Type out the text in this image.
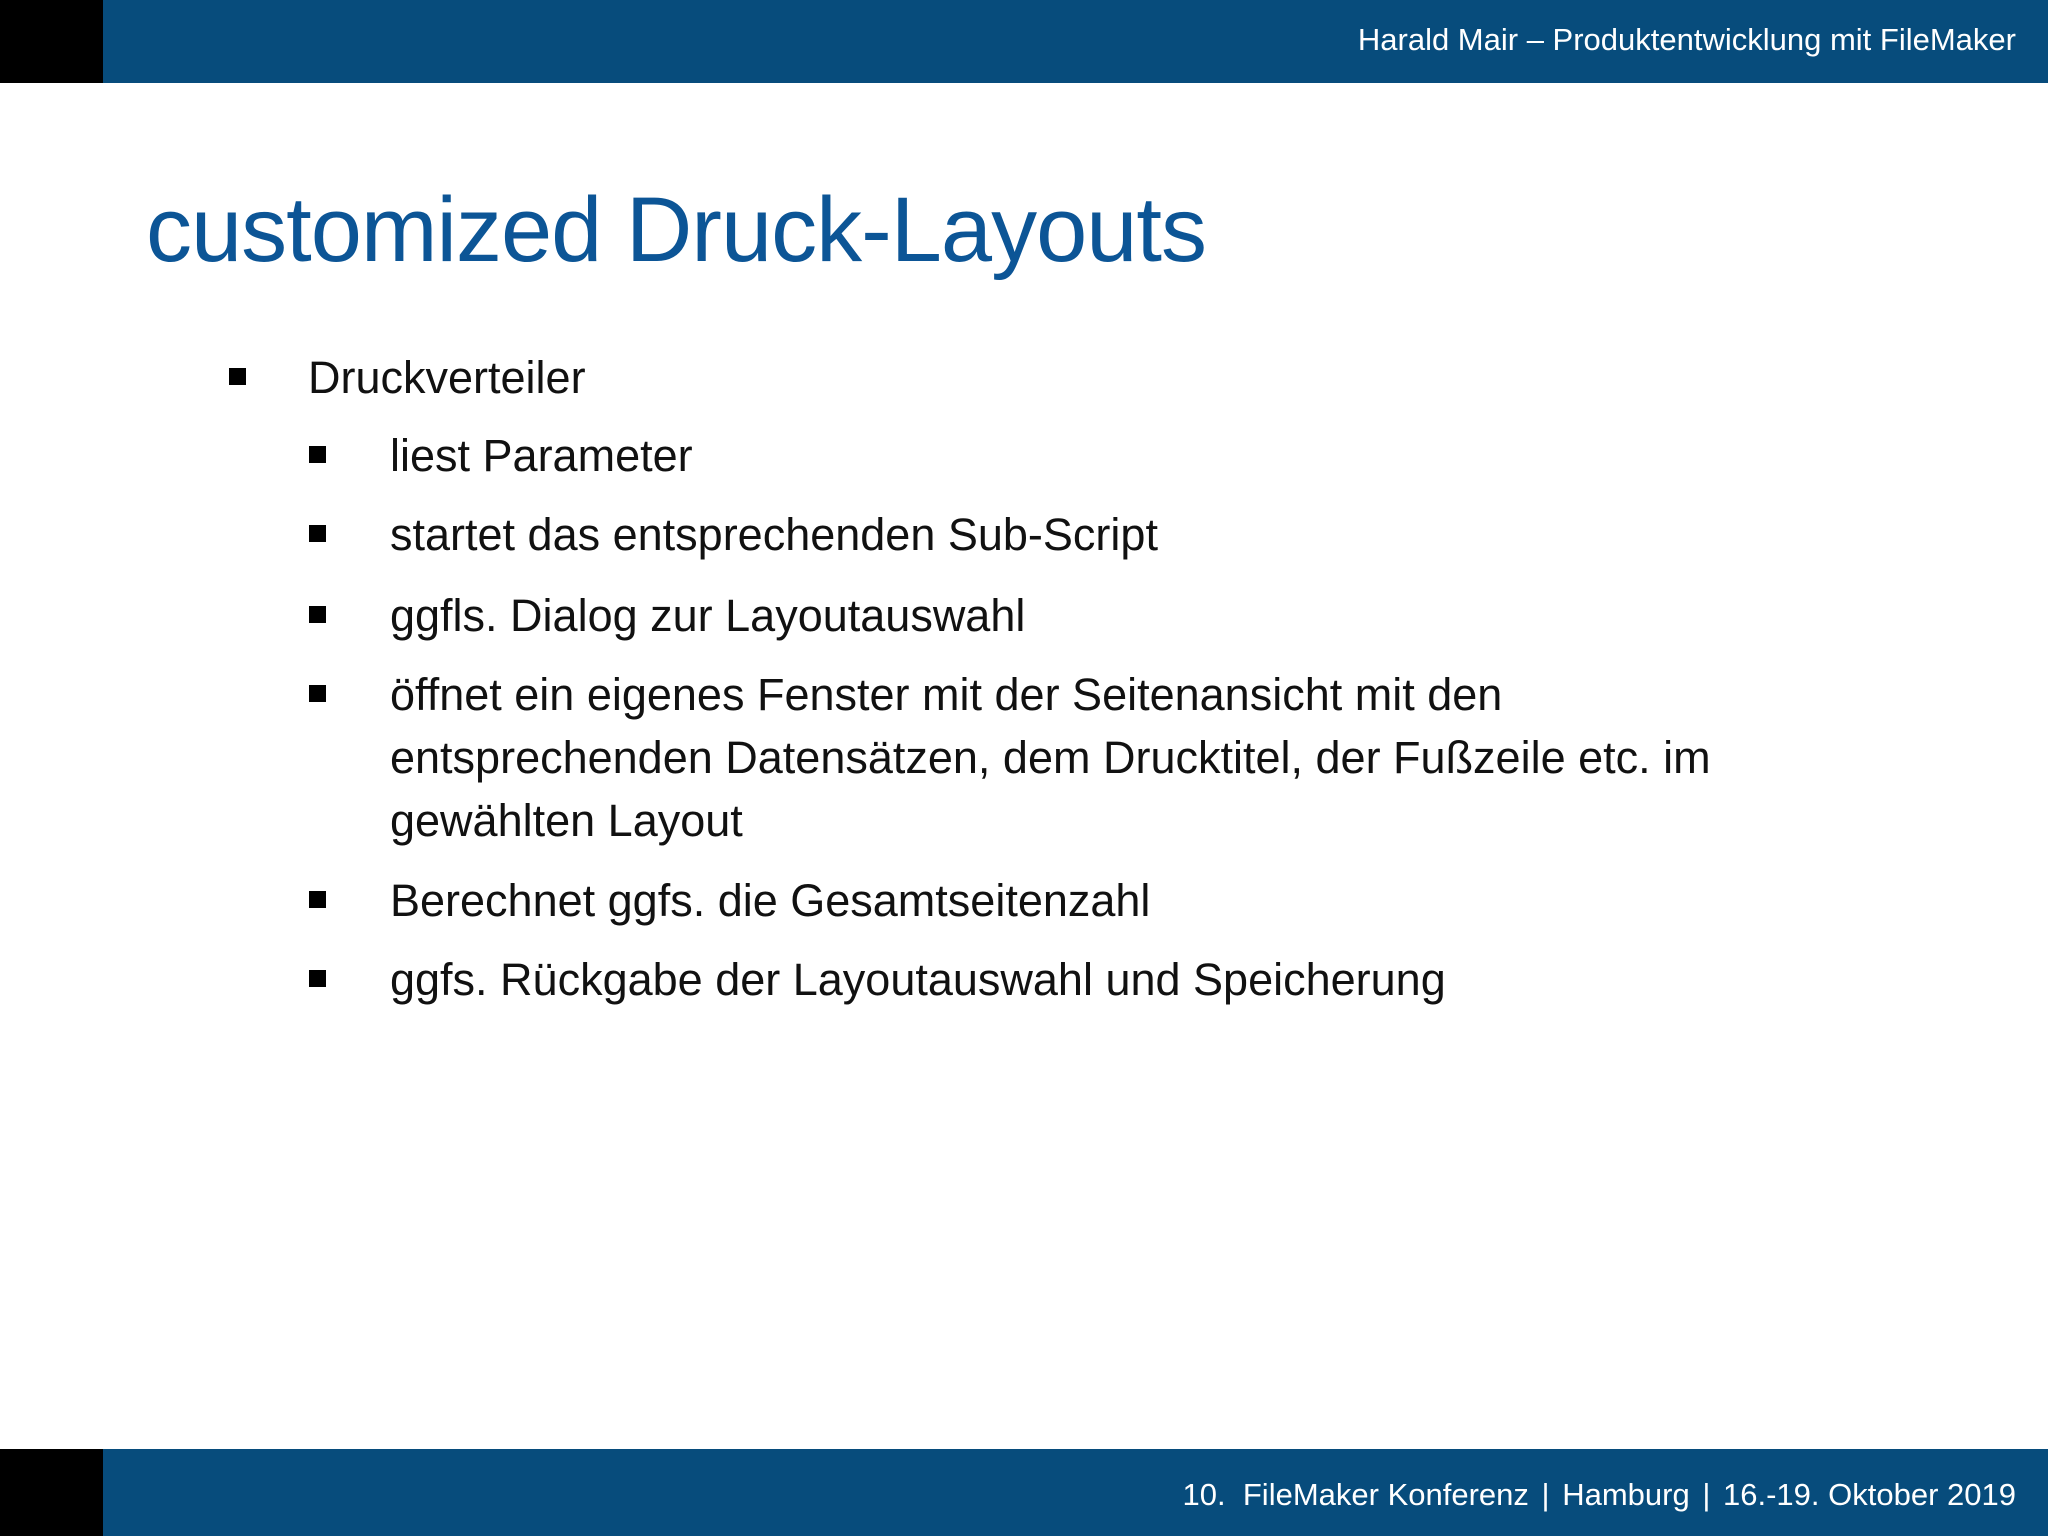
Harald Mair – Produktentwicklung mit FileMaker
customized Druck-Layouts
Druckverteiler
liest Parameter
startet das entsprechenden Sub-Script
ggfls. Dialog zur Layoutauswahl
öffnet ein eigenes Fenster mit der Seitenansicht mit den entsprechenden Datensätzen, dem Drucktitel, der Fußzeile etc. im gewählten Layout
Berechnet ggfs. die Gesamtseitenzahl
ggfs. Rückgabe der Layoutauswahl und Speicherung
10. FileMaker Konferenz | Hamburg | 16.-19. Oktober 2019
